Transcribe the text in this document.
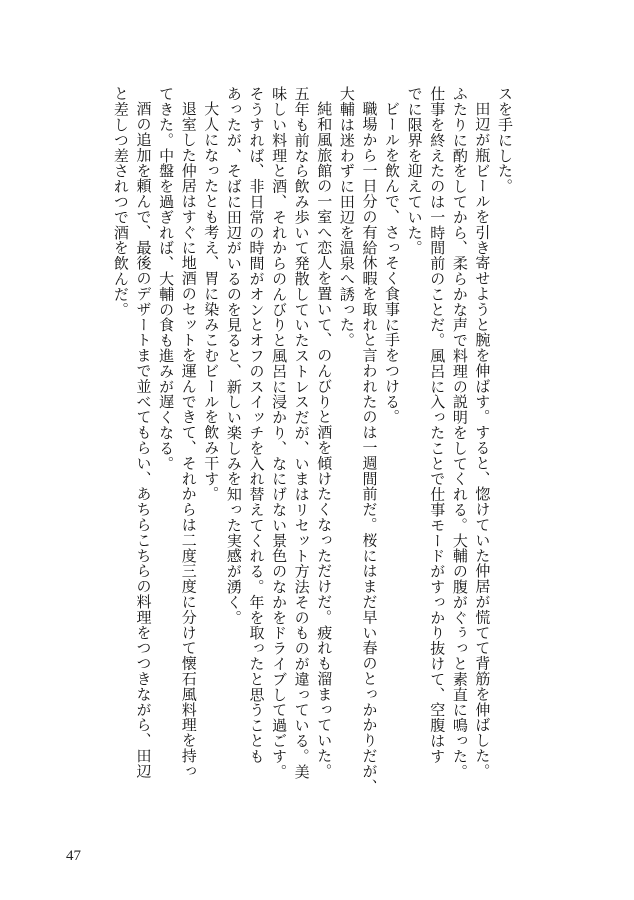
スを手にした。

田辺が瓶ビールを引き寄せようと腕を伸ばす。すると、惚けていた仲居が慌てて背筋を伸ばした。
ふたりに酌をしてから、柔らかな声で料理の説明をしてくれる。大輔の腹がぐぅっと素直に鳴った。
仕事を終えたのは一時間前のことだ。風呂に入ったことで仕事モードがすっかり抜けて、空腹はす
でに限界を迎えていた。

ビールを飲んで、さっそく食事に手をつける。

職場から一日分の有給休暇を取れと言われたのは一週間前だ。桜にはまだ早い春のとっかかりだが、
大輔は迷わずに田辺を温泉へ誘った。

純和風旅館の一室へ恋人を置いて、のんびりと酒を傾けたくなっただけだ。疲れも溜まっていた。
五年も前なら飲み歩いて発散していたストレスだが、いまはリセット方法そのものが違っている。美
味しい料理と酒、それからのんびりと風呂に浸かり、なにげない景色のなかをドライブして過ごす。
そうすれば、非日常の時間がオンとオフのスイッチを入れ替えてくれる。年を取ったと思うことも
あったが、そばに田辺がいるのを見ると、新しい楽しみを知った実感が湧く。

大人になったとも考え、胃に染みこむビールを飲み干す。

退室した仲居はすぐに地酒のセットを運んできて、それからは二度三度に分けて懐石風料理を持っ
てきた。中盤を過ぎれば、大輔の食も進みが遅くなる。

酒の追加を頼んで、最後のデザートまで並べてもらい、あちらこちらの料理をつつきながら、田辺
と差しつ差されつで酒を飲んだ。

47
